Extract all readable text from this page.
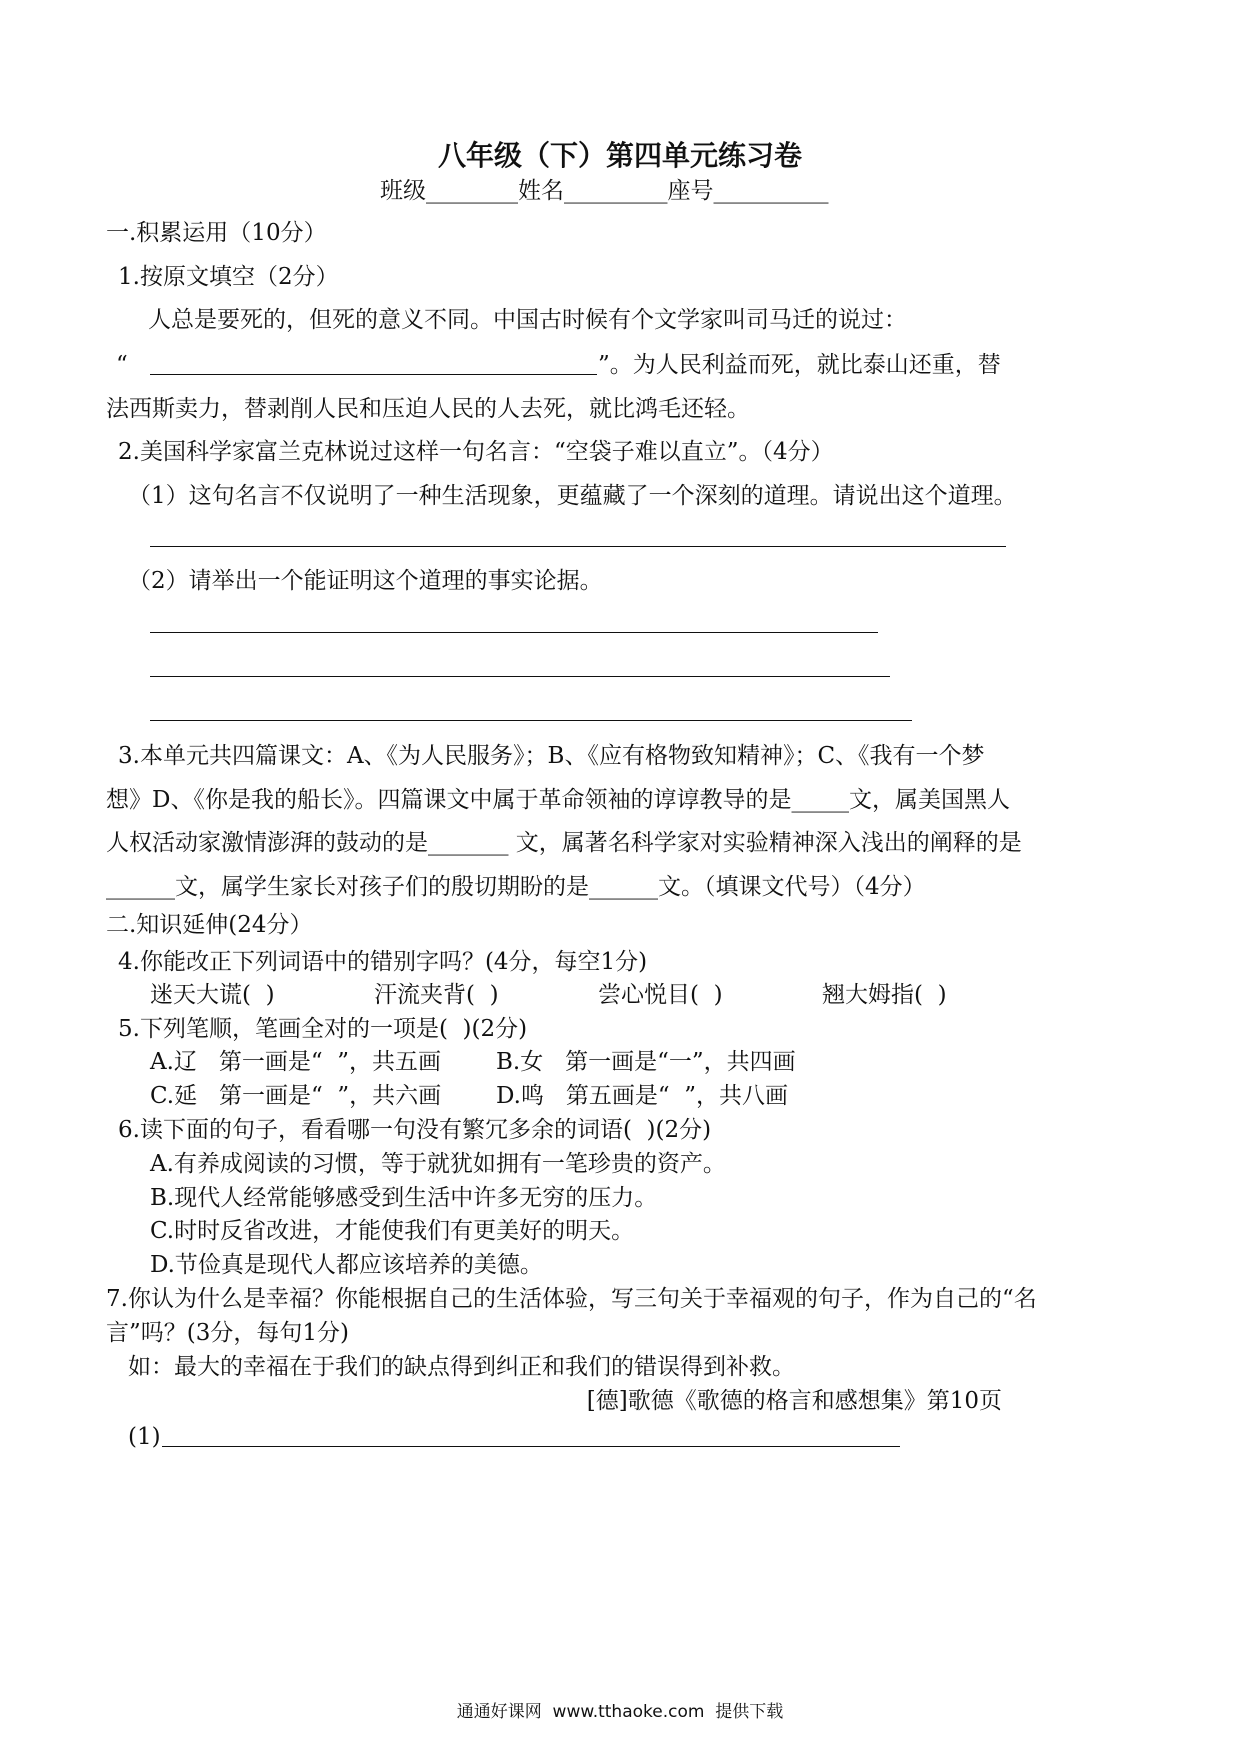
八年级（下）第四单元练习卷
班级________姓名_________座号__________
一.积累运用（10分）
1.按原文填空（2分）
人总是要死的，但死的意义不同。中国古时候有个文学家叫司马迁的说过：
“	”。为人民利益而死，就比泰山还重，替
法西斯卖力，替剥削人民和压迫人民的人去死，就比鸿毛还轻。
2.美国科学家富兰克林说过这样一句名言：“空袋子难以直立”。（4分）
（1）这句名言不仅说明了一种生活现象，更蕴藏了一个深刻的道理。请说出这个道理。
（2）请举出一个能证明这个道理的事实论据。
3.本单元共四篇课文：A、《为人民服务》；B、《应有格物致知精神》；C、《我有一个梦
想》D、《你是我的船长》。四篇课文中属于革命领袖的谆谆教导的是_____文，属美国黑人
人权活动家激情澎湃的鼓动的是_______ 文，属著名科学家对实验精神深入浅出的阐释的是
______文，属学生家长对孩子们的殷切期盼的是______文。（填课文代号）（4分）
二.知识延伸(24分）
4.你能改正下列词语中的错别字吗？(4分，每空1分)
迷天大谎(  )	汗流夹背(  )	尝心悦目(  )	翘大姆指(  )
5.下列笔顺，笔画全对的一项是(  )(2分)
A.辽   第一画是“  ”，共五画 B.女   第一画是“一”，共四画
C.延   第一画是“  ”，共六画 D.鸣   第五画是“  ”，共八画
6.读下面的句子，看看哪一句没有繁冗多余的词语(  )(2分)
A.有养成阅读的习惯，等于就犹如拥有一笔珍贵的资产。
B.现代人经常能够感受到生活中许多无穷的压力。
C.时时反省改进，才能使我们有更美好的明天。
D.节俭真是现代人都应该培养的美德。
7.你认为什么是幸福？你能根据自己的生活体验，写三句关于幸福观的句子，作为自己的“名
言”吗？(3分，每句1分)
如：最大的幸福在于我们的缺点得到纠正和我们的错误得到补救。
[德]歌德《歌德的格言和感想集》第10页
(1)
通通好课网  www.tthaoke.com  提供下载
